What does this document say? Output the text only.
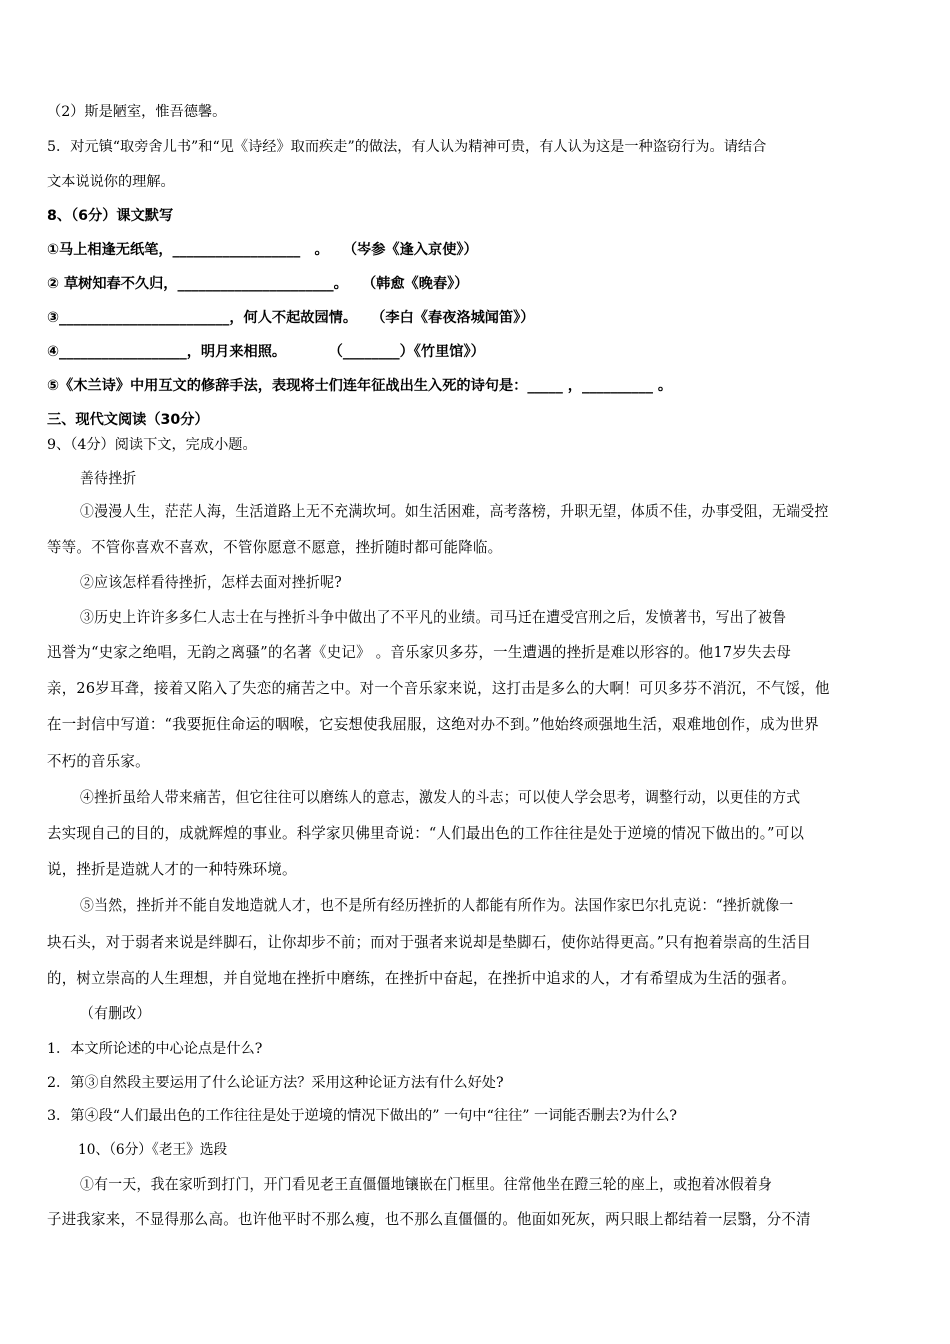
（2）斯是陋室，惟吾德馨。
5．对元镇“取旁舍儿书”和“见《诗经》取而疾走”的做法，有人认为精神可贵，有人认为这是一种盗窃行为。请结合
文本说说你的理解。
8、（6分）课文默写
①马上相逢无纸笔，__________________　。　　（岑参《逢入京使》）
② 草树知春不久归，______________________。　　（韩愈《晚春》）
③________________________，何人不起故园情。　　（李白《春夜洛城闻笛》）
④__________________，明月来相照。　　　　（________）《竹里馆》）
⑤《木兰诗》中用互文的修辞手法，表现将士们连年征战出生入死的诗句是：_____ ，__________ 。
三、现代文阅读（30分）
9、（4分）阅读下文，完成小题。
善待挫折
①漫漫人生，茫茫人海，生活道路上无不充满坎坷。如生活困难，高考落榜，升职无望，体质不佳，办事受阻，无端受控
等等。不管你喜欢不喜欢，不管你愿意不愿意，挫折随时都可能降临。
②应该怎样看待挫折，怎样去面对挫折呢?
③历史上许许多多仁人志士在与挫折斗争中做出了不平凡的业绩。司马迁在遭受宫刑之后，发愤著书，写出了被鲁
迅誉为“史家之绝唱，无韵之离骚”的名著《史记》 。音乐家贝多芬，一生遭遇的挫折是难以形容的。他17岁失去母
亲，26岁耳聋，接着又陷入了失恋的痛苦之中。对一个音乐家来说，这打击是多么的大啊！可贝多芬不消沉，不气馁，他
在一封信中写道：“我要扼住命运的咽喉，它妄想使我屈服，这绝对办不到。”他始终顽强地生活，艰难地创作，成为世界
不朽的音乐家。
④挫折虽给人带来痛苦，但它往往可以磨练人的意志，激发人的斗志；可以使人学会思考，调整行动，以更佳的方式
去实现自己的目的，成就辉煌的事业。科学家贝佛里奇说：“人们最出色的工作往往是处于逆境的情况下做出的。”可以
说，挫折是造就人才的一种特殊环境。
⑤当然，挫折并不能自发地造就人才，也不是所有经历挫折的人都能有所作为。法国作家巴尔扎克说：“挫折就像一
块石头，对于弱者来说是绊脚石，让你却步不前；而对于强者来说却是垫脚石，使你站得更高。”只有抱着崇高的生活目
的，树立崇高的人生理想，并自觉地在挫折中磨练，在挫折中奋起，在挫折中追求的人，才有希望成为生活的强者。
（有删改）
1．本文所论述的中心论点是什么?
2．第③自然段主要运用了什么论证方法？采用这种论证方法有什么好处?
3．第④段“人们最出色的工作往往是处于逆境的情况下做出的” 一句中“往往” 一词能否删去?为什么?
10、（6分）《老王》选段
①有一天，我在家听到打门，开门看见老王直僵僵地镶嵌在门框里。往常他坐在蹬三轮的座上，或抱着冰假着身
子进我家来，不显得那么高。也许他平时不那么瘦，也不那么直僵僵的。他面如死灰，两只眼上都结着一层翳，分不清
